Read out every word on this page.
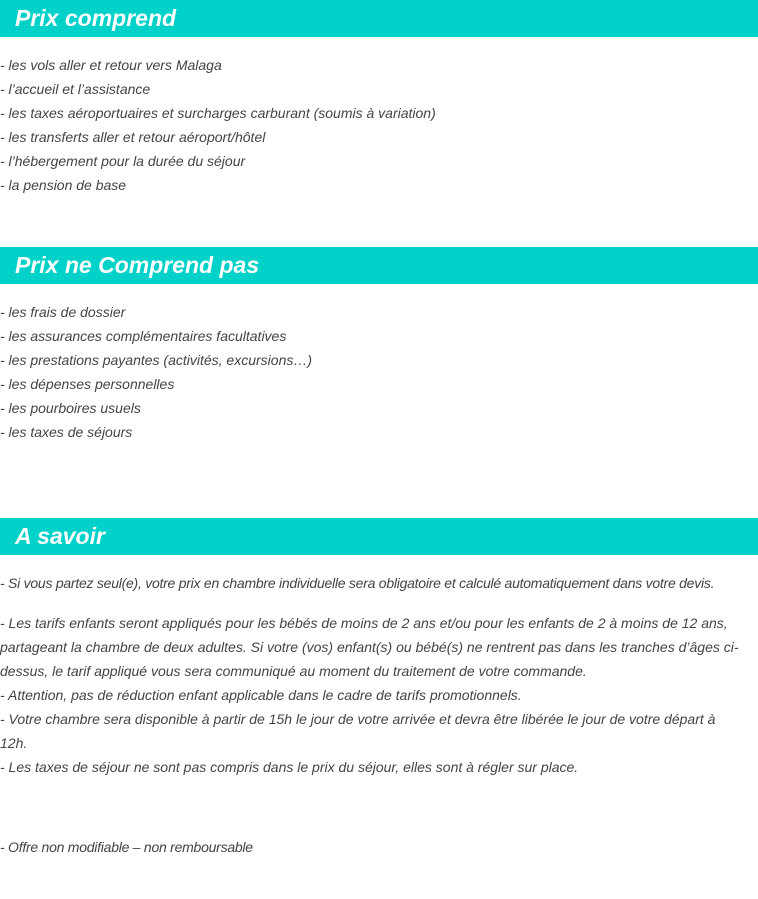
Prix comprend
- les vols aller et retour vers Malaga
- l’accueil et l’assistance
- les taxes aéroportuaires et surcharges carburant (soumis à variation)
- les transferts aller et retour aéroport/hôtel
- l’hébergement pour la durée du séjour
- la pension de base
Prix ne Comprend pas
- les frais de dossier
- les assurances complémentaires facultatives
- les prestations payantes (activités, excursions…)
- les dépenses personnelles
- les pourboires usuels
- les taxes de séjours
A savoir

- Si vous partez seul(e), votre prix en chambre individuelle sera obligatoire et calculé automatiquement dans votre devis.

- Les tarifs enfants seront appliqués pour les bébés de moins de 2 ans et/ou pour les enfants de 2 à moins de 12 ans, partageant la chambre de deux adultes. Si votre (vos) enfant(s) ou bébé(s) ne rentrent pas dans les tranches d’âges ci-dessus, le tarif appliqué vous sera communiqué au moment du traitement de votre commande.
- Attention, pas de réduction enfant applicable dans le cadre de tarifs promotionnels.
- Votre chambre sera disponible à partir de 15h le jour de votre arrivée et devra être libérée le jour de votre départ à 12h.
- Les taxes de séjour ne sont pas compris dans le prix du séjour, elles sont à régler sur place.

- Offre non modifiable – non remboursable
